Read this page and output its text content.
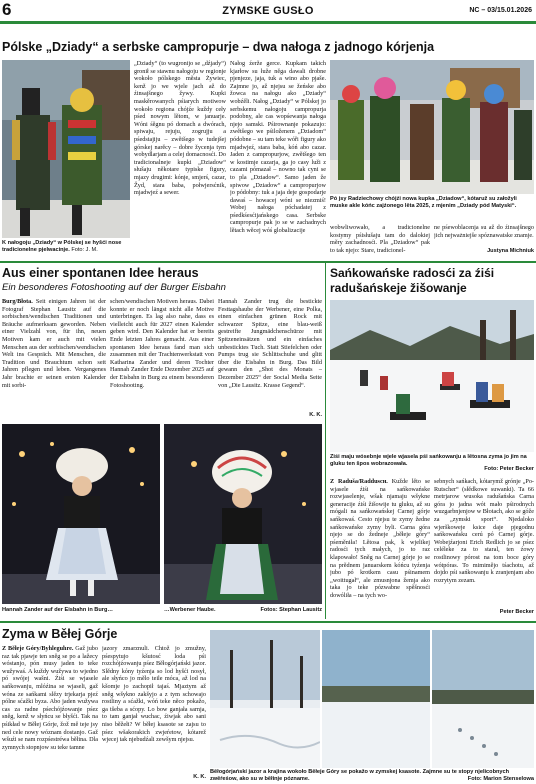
6	ZYMSKE GUSŁO	NC – 03/15.01.2026
Pólske „Dziady“ a serbske campropurje – dwa nałoga z jadnogo kórjenja
K nałogoju „Dziady“ w Pólskej se hyšći nose tradicionelne pjelwacinje. Foto: J. M.
„Dziady“ (to wugronijo se „dźjady“) gronił se stawnu nałogoju w regionje wokoło pólskego města Żywiec, kenž jo we wjele jach až do źinsajšnego žywy. Kupki maskěrowanych pśiarych motiwow wokoło regiona chójźe kuždy ceły pśed nowym lětom, w januarje. Wóni śěgnu pó domach a dwórach, spiwaju, rejuju, zogrujju a pśedstajiju – zwětšego w tudejšej górskej narěcy – dobre žycenja tym wobydlarjam a celej domacnosći. Do tradicionalneje kupki „Dziadow“ słušaju někotare typiske figury, mjazy drugimi: kónje, smjerś, cazar, Žyd, stara baba, połwjersćnik, mjadwjeź a sewer.
Nałog źerže gerce. Kupkam takich kjarłow su łuže něga dawali drobne pjenjeze, jaja, tuk a wino abo pjaše. Zajmne jo, až njejsu se žeńske abo žowca na nałogu ako „Dziady“ wobźěli. Nałog „Dziady“ w Pólskej jo serbskemu nałogoju campropurja podobny, ale cas wopśewanja nałoga njejo samski. Pśirownanje pokazujo: zwětšego we pśiloženem „Dziadom“ pódobne – su tam teke wóři figury ako mjadwjeź, stara baba, kóń abo cazar. Jaden z campropurjow, zwětšego ten w kostimje cazarja, ga jo casy luži z cazami pómazał – nowno tak cyni se to pla „Dziadow“. Samo jaden že spiwow „Dziadow“ a campropurjow jo pódobny: tuk a jaja deje gospodarje dawaś – howacej wóni se niezmiś! Wobej nałoga póchadatej z pśedkśesćijańskego casa. Serbske campropurje pak jo se w zachadnych lětach wěcej wóś globalizacije
Pó jsy Radziechowy chójźi nowa kupka „Dziadow“, kótaruž su załožyli muske akle kóńc zajźonego lěta 2025, z mjenim „Dziady pód Matyski“.
wobwliwowało, a tradicionelne kostymy pśisłušaju tam do dalokiej měry zachadnosći. Pla „Dziadow“ pak to tak njejo: Stare, tradicionel-
ne pśewoblacenja su až do źinsajšnego jich nejważniejše spóznawatske znamje.
Justyna Michniuk
Aus einer spontanen Idee heraus
Ein besonderes Fotoshooting auf der Burger Eisbahn
Burg/Błota. Seit einigen Jahren ist der Fotograf Stephan Lausitz auf die sorbischen/wendischen Traditionen und Bräuche aufmerksam geworden. Neben einer Vielzahl von, für ihn, neuen Motiven kam er auch mit vielen Menschen aus der sorbischen/wendischen Welt ins Gespräch. Mit Menschen, die Tradition und Brauchtum schon seit Jahren pflegen und leben. Vergangenes Jahr brachte er seinen ersten Kalender mit sorbi-
schen/wendischen Motiven heraus. Dabei konnte er noch längst nicht alle Motive unterbringen. Es lag also nahe, dass es vielleicht auch für 2027 einen Kalender geben wird. Den Kalender hat er bereits Ende letzten Jahres gemacht. Aus einer spontanen Idee heraus fand man sich zusammen mit der Trachtenwerkstatt von Katharina Zander und deren Tochter Hannah Zander Ende Dezember 2025 auf der Eisbahn in Burg zu einem besonderen Fotoshooting.
Hannah Zander trug die bestickte Festtagshaube der Werbener, eine Polka, einen einfachen grünen Rock mit schwarzer Spitze, eine blau-weiß gestreifte Jungmädchenschürze mit Spitzeneinsätzen und ein einfaches unbesticktes Tuch. Statt Stiefelchen oder Pumps trug sie Schlittschuhe und glitt über die Eisbahn in Burg. Das Bild gewann den „Shot des Monats – Dezember 2025“ der Social Media Seite von „Die Lausitz. Krasse Gegend“.
K. K.
Hannah Zander auf der Eisbahn in Burg…	…Werbener Haube.	Fotos: Stephan Lausitz
Sańkowańske radosći za źiśi radušańskeje žišowanje
Źiśi maju wósebnje wjele wjasela pśi sańkowanju a lětosna zyma jo jim na gluku ten špos wobrazowała.
Foto: Peter Becker
Z Radušа/Radduscн. Kužde lěto se wjasele źiśi na sańkowańske rozwjaselenje, wšak njamaju wšykne generacije źiśi žišowije tu gluku, až su mógali na sańkowańskej Carnej górje sańkowaś. Cesto njejsu te zymy žedne sańkowańske zymy byli. Carna góra njejo se do žedneje „běłeje góry“ pśeměniła! Lětosa pak, k wjelikej radosći tych małych, jo to raz klapowało! Sněg na Carnej górje jo se na prědnem januarskem kóńcu tyźenja jubo pó krotkem casu pśinamem „woittugał“, ale zmusnjona žemja ako taka jo teke pózwabne spěšnosći dowóliła – na tych wo-
sebnych sańkach, kótarymž grónje „Po-Rutscher“ (słědkowe suwanki). Ta 66 metrjarow wusoka radušańska Carna góra jo jadna wót mało pśirodnych wuzgarbnjenjow w Błotach, ako se góže za „zymski sport“. Njedaloko wjerškowejе ksice daje pjegodnu sańkowańsku cerú pó Carnej górje. Wobejźarjoni Erich Redlich jo se pśez celéleke za to staral, ten źowy rostlinowy pórost na tom boce góry wótpóras. To mimimějo tśachotu, až dojdo pśi sańkowanju k zranjenjam abo rozrytym zezam.
Peter Becker
Zyma w Běłej Górje
Z Běłeje Góry/Byhleguhre. Gaž jubo raz tak pjawje ten sněg se po a lažecy wóstanjo, pón musy jaden to teke wužywaś. A kuždy wužywa to wjedno pó swójej wašni. Źiśi se wjasele sańkowanju, mlóźina se wjaseli, gaž wóna ze sańkami slězy trjekarja pjeź pólne sćažki byza. Abo jaden wužywa cas za radne pśechójźowanje pśez sněg, kenž w słyńcu se błyšći. Tak na pśikład w Běłej Górje, žož mě teje jsy ned cele nowy wóznam dostanjo. Gaž wšuźi se nam rozpśestréwa běłina. Dla zymnych stopnjow su teke tamne
jazory zmarznuli. Chtož jo zmužny, pśespytujo kšutosć loda pśi rozchójźowanju pśez Běłogórjański jazor. Slědny kóny tyźenja so lod hyšći nosył, ale słyńco jo mělo teile móca, až lod na kšomje jo zachopił tajaś. Mjaztym až sněg wšykno zakšyjo a z tym schowajo rostliny a sćažki, wóń teke něco pokažo, ga tšeba a sćopy. Lo bow ganjała sarnja, to tam ganjał wuchac, źiwjak abo sani niso běžełi? W běłej ksasote se zajsu to pśez wšakorakich zwjeŕetow, kótarež wjecej tak njebudźali zewšym njejsu.
K. K.
Běłogórjańskí jazor a krajina wokoło Běłeje Góry se pokažo w zymskej ksasote. Zajmne su te stopy njelicobnych zwěŕeśow, ako su w běłinje pózname.	Foto: Marion Stenselowa
